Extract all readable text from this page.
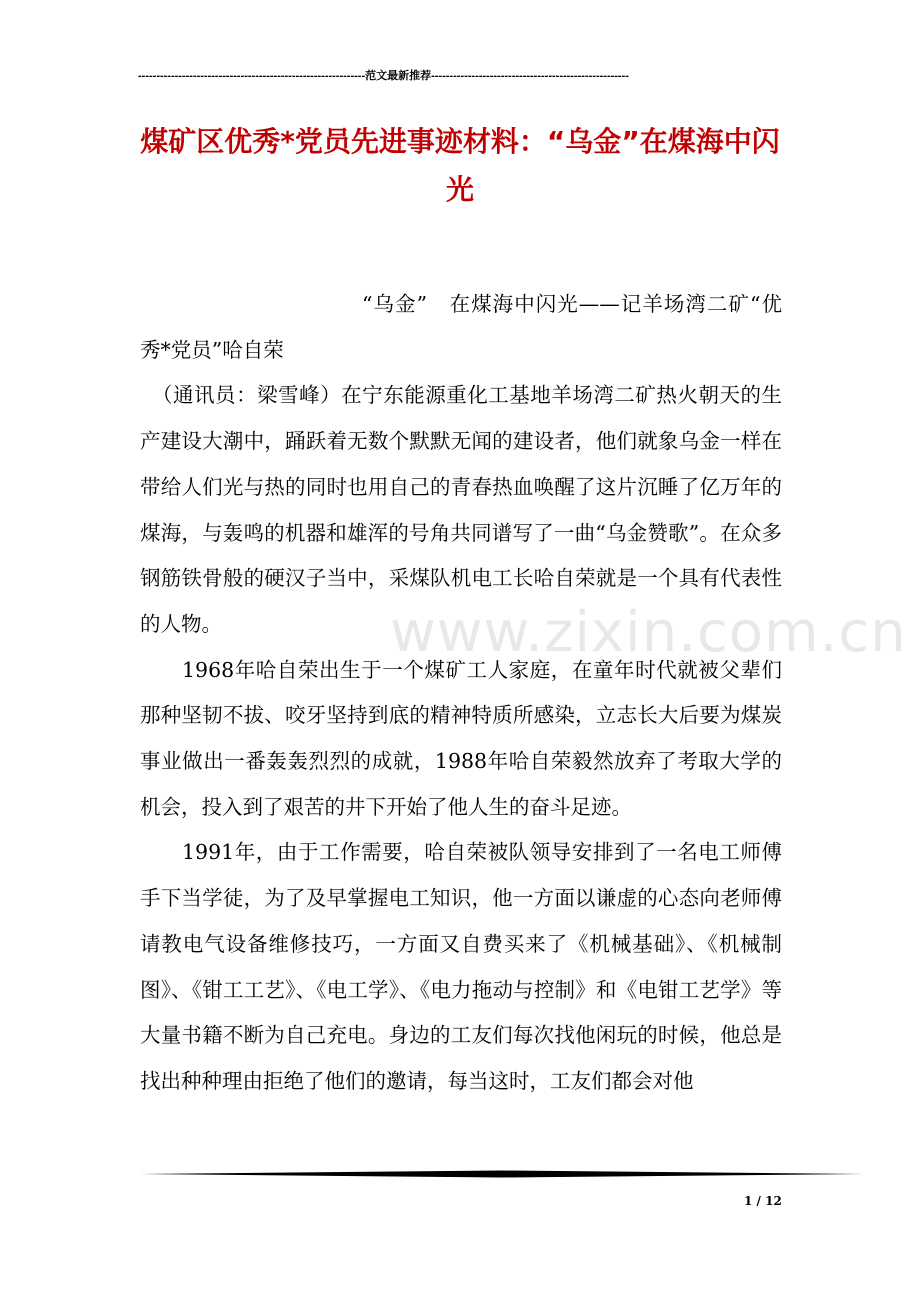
--------------------------------------------------------------范文最新推荐------------------------------------------------------
煤矿区优秀*党员先进事迹材料：“乌金”在煤海中闪光

“乌金”　在煤海中闪光——记羊场湾二矿“优秀*党员”哈自荣

（通讯员：梁雪峰）在宁东能源重化工基地羊场湾二矿热火朝天的生产建设大潮中，踊跃着无数个默默无闻的建设者，他们就象乌金一样在带给人们光与热的同时也用自己的青春热血唤醒了这片沉睡了亿万年的煤海，与轰鸣的机器和雄浑的号角共同谱写了一曲“乌金赞歌”。在众多钢筋铁骨般的硬汉子当中，采煤队机电工长哈自荣就是一个具有代表性的人物。

1968年哈自荣出生于一个煤矿工人家庭，在童年时代就被父辈们那种坚韧不拔、咬牙坚持到底的精神特质所感染，立志长大后要为煤炭事业做出一番轰轰烈烈的成就，1988年哈自荣毅然放弃了考取大学的机会，投入到了艰苦的井下开始了他人生的奋斗足迹。

1991年，由于工作需要，哈自荣被队领导安排到了一名电工师傅手下当学徒，为了及早掌握电工知识，他一方面以谦虚的心态向老师傅请教电气设备维修技巧，一方面又自费买来了《机械基础》、《机械制图》、《钳工工艺》、《电工学》、《电力拖动与控制》和《电钳工艺学》等大量书籍不断为自己充电。身边的工友们每次找他闲玩的时候，他总是找出种种理由拒绝了他们的邀请，每当这时，工友们都会对他

www.zixin.com.cn
1 / 12
